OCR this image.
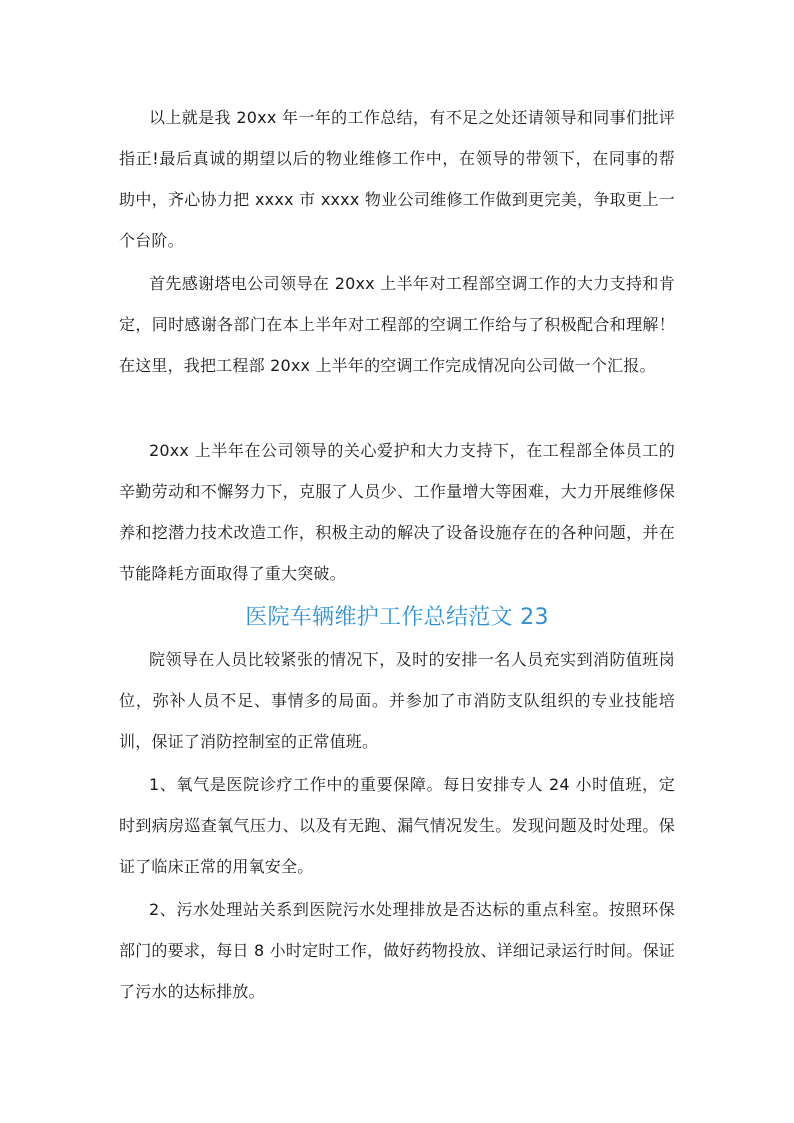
以上就是我 20xx 年一年的工作总结，有不足之处还请领导和同事们批评指正!最后真诚的期望以后的物业维修工作中，在领导的带领下，在同事的帮助中，齐心协力把 xxxx 市 xxxx 物业公司维修工作做到更完美，争取更上一个台阶。

首先感谢塔电公司领导在 20xx 上半年对工程部空调工作的大力支持和肯定，同时感谢各部门在本上半年对工程部的空调工作给与了积极配合和理解！在这里，我把工程部 20xx 上半年的空调工作完成情况向公司做一个汇报。

20xx 上半年在公司领导的关心爱护和大力支持下，在工程部全体员工的辛勤劳动和不懈努力下，克服了人员少、工作量增大等困难，大力开展维修保养和挖潜力技术改造工作，积极主动的解决了设备设施存在的各种问题，并在节能降耗方面取得了重大突破。

医院车辆维护工作总结范文 23

院领导在人员比较紧张的情况下，及时的安排一名人员充实到消防值班岗位，弥补人员不足、事情多的局面。并参加了市消防支队组织的专业技能培训，保证了消防控制室的正常值班。

1、氧气是医院诊疗工作中的重要保障。每日安排专人 24 小时值班，定时到病房巡查氧气压力、以及有无跑、漏气情况发生。发现问题及时处理。保证了临床正常的用氧安全。

2、污水处理站关系到医院污水处理排放是否达标的重点科室。按照环保部门的要求，每日 8 小时定时工作，做好药物投放、详细记录运行时间。保证了污水的达标排放。
